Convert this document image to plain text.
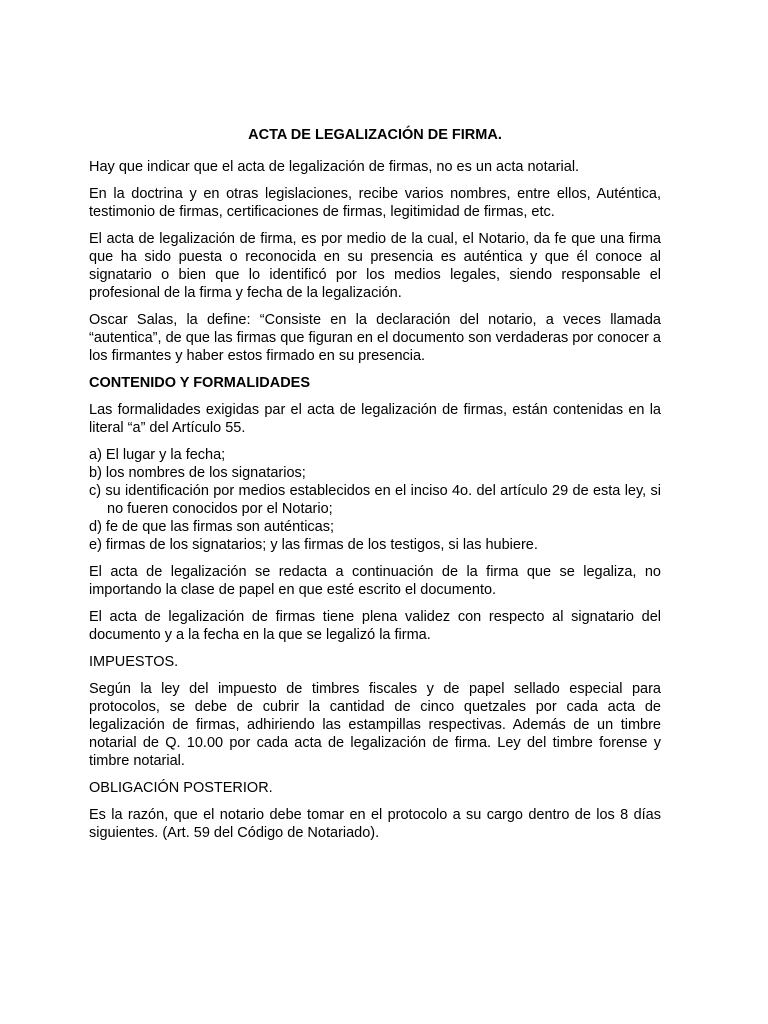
ACTA DE LEGALIZACIÓN DE FIRMA.

Hay que indicar que el acta de legalización de firmas, no es un acta notarial.

En la doctrina y en otras legislaciones, recibe varios nombres, entre ellos, Auténtica, testimonio de firmas, certificaciones de firmas, legitimidad de firmas, etc.

El acta de legalización de firma, es por medio de la cual, el Notario, da fe que una firma que ha sido puesta o reconocida en su presencia es auténtica y que él conoce al signatario o bien que lo identificó por los medios legales, siendo responsable el profesional de la firma y fecha de la legalización.

Oscar Salas, la define: “Consiste en la declaración del notario, a veces llamada “autentica”, de que las firmas que figuran en el documento son verdaderas por conocer a los firmantes y haber estos firmado en su presencia.

CONTENIDO Y FORMALIDADES

Las formalidades exigidas par el acta de legalización de firmas, están contenidas en la literal “a” del Artículo 55.

a) El lugar y la fecha;
b) los nombres de los signatarios;
c) su identificación por medios establecidos en el inciso 4o. del artículo 29 de esta ley, si no fueren conocidos por el Notario;
d) fe de que las firmas son auténticas;
e) firmas de los signatarios; y las firmas de los testigos, si las hubiere.

El acta de legalización se redacta a continuación de la firma que se legaliza, no importando la clase de papel en que esté escrito el documento.

El acta de legalización de firmas tiene plena validez con respecto al signatario del documento y a la fecha en la que se legalizó la firma.

IMPUESTOS.

Según la ley del impuesto de timbres fiscales y de papel sellado especial para protocolos, se debe de cubrir la cantidad de cinco quetzales por cada acta de legalización de firmas, adhiriendo las estampillas respectivas. Además de un timbre notarial de Q. 10.00 por cada acta de legalización de firma. Ley del timbre forense y timbre notarial.

OBLIGACIÓN POSTERIOR.

Es la razón, que el notario debe tomar en el protocolo a su cargo dentro de los 8 días siguientes. (Art. 59 del Código de Notariado).
